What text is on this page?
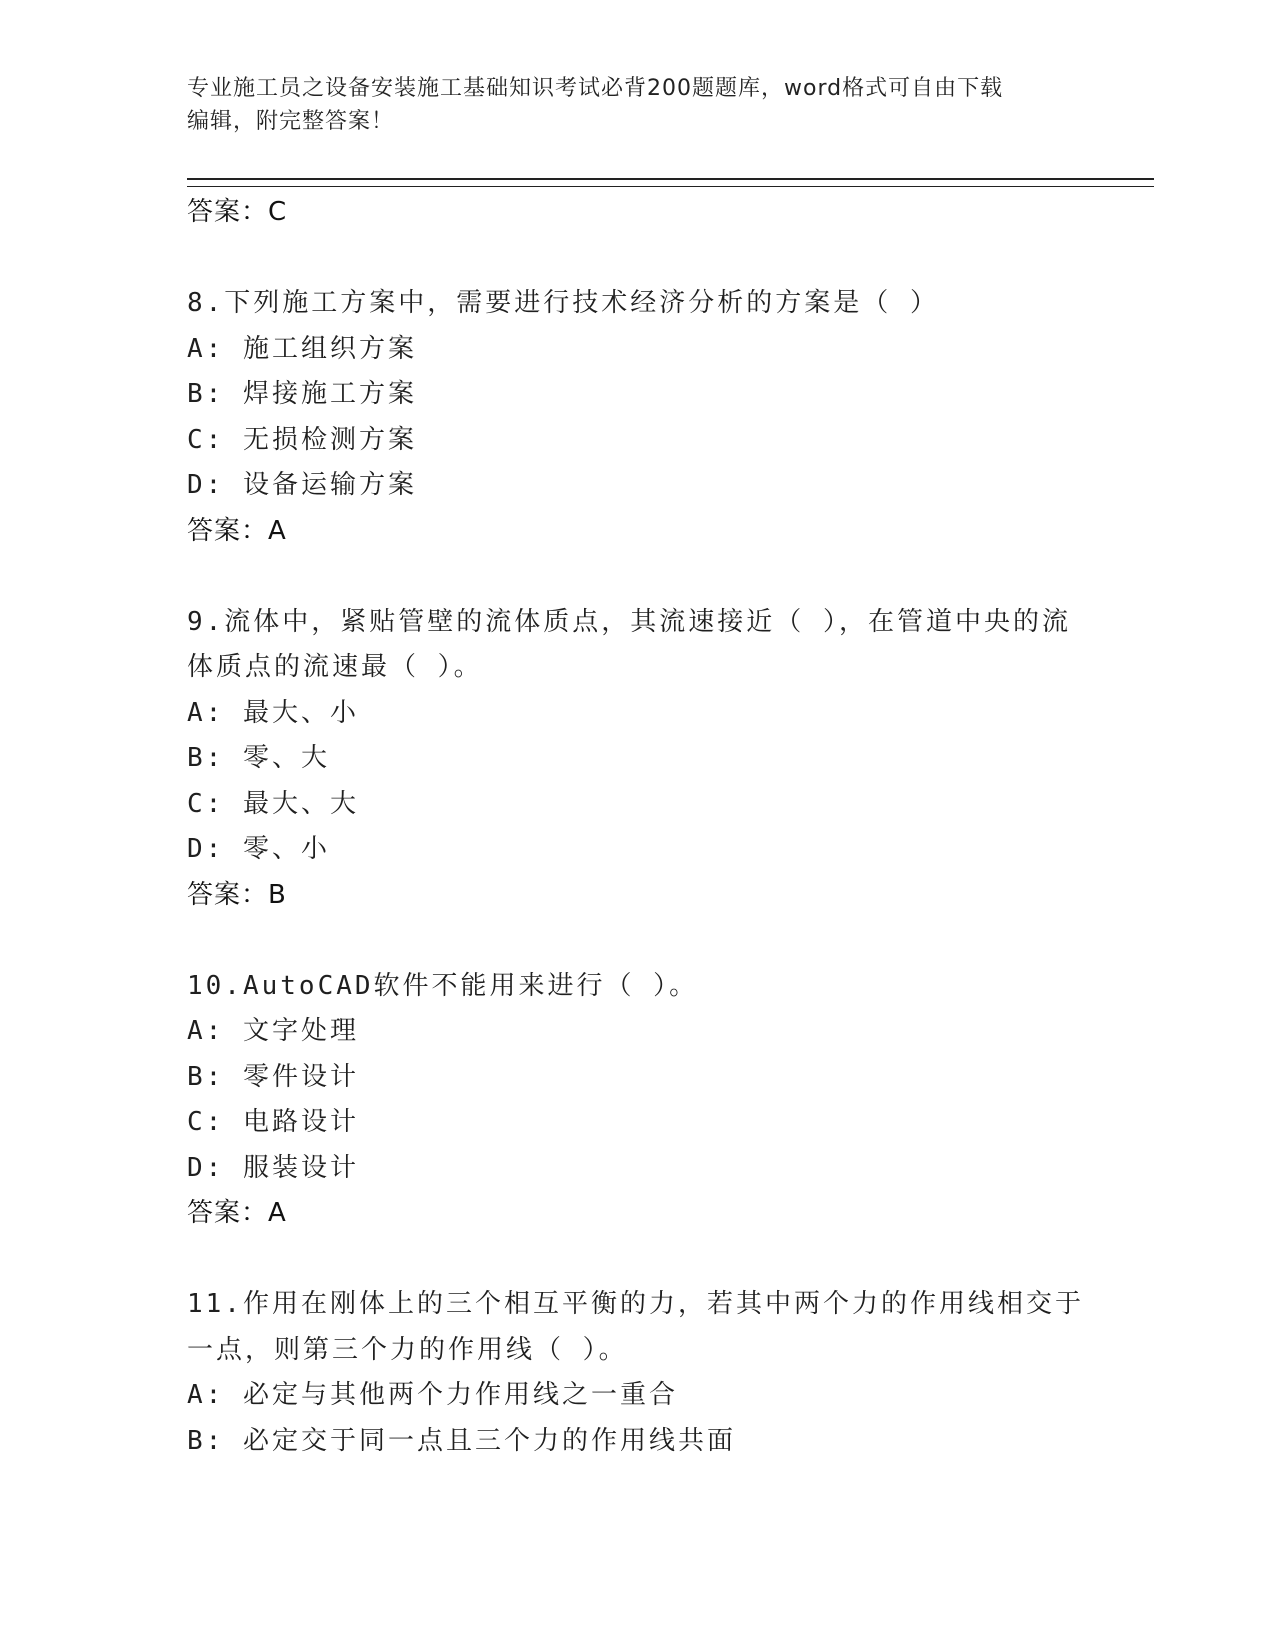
专业施工员之设备安装施工基础知识考试必背200题题库，word格式可自由下载
编辑，附完整答案！
答案：C
8.下列施工方案中，需要进行技术经济分析的方案是（ ）
A: 施工组织方案
B: 焊接施工方案
C: 无损检测方案
D: 设备运输方案
答案：A
9.流体中，紧贴管壁的流体质点，其流速接近（ ），在管道中央的流
体质点的流速最（ ）。
A: 最大、小
B: 零、大
C: 最大、大
D: 零、小
答案：B
10.AutoCAD软件不能用来进行（ ）。
A: 文字处理
B: 零件设计
C: 电路设计
D: 服装设计
答案：A
11.作用在刚体上的三个相互平衡的力，若其中两个力的作用线相交于
一点，则第三个力的作用线（ ）。
A: 必定与其他两个力作用线之一重合
B: 必定交于同一点且三个力的作用线共面
